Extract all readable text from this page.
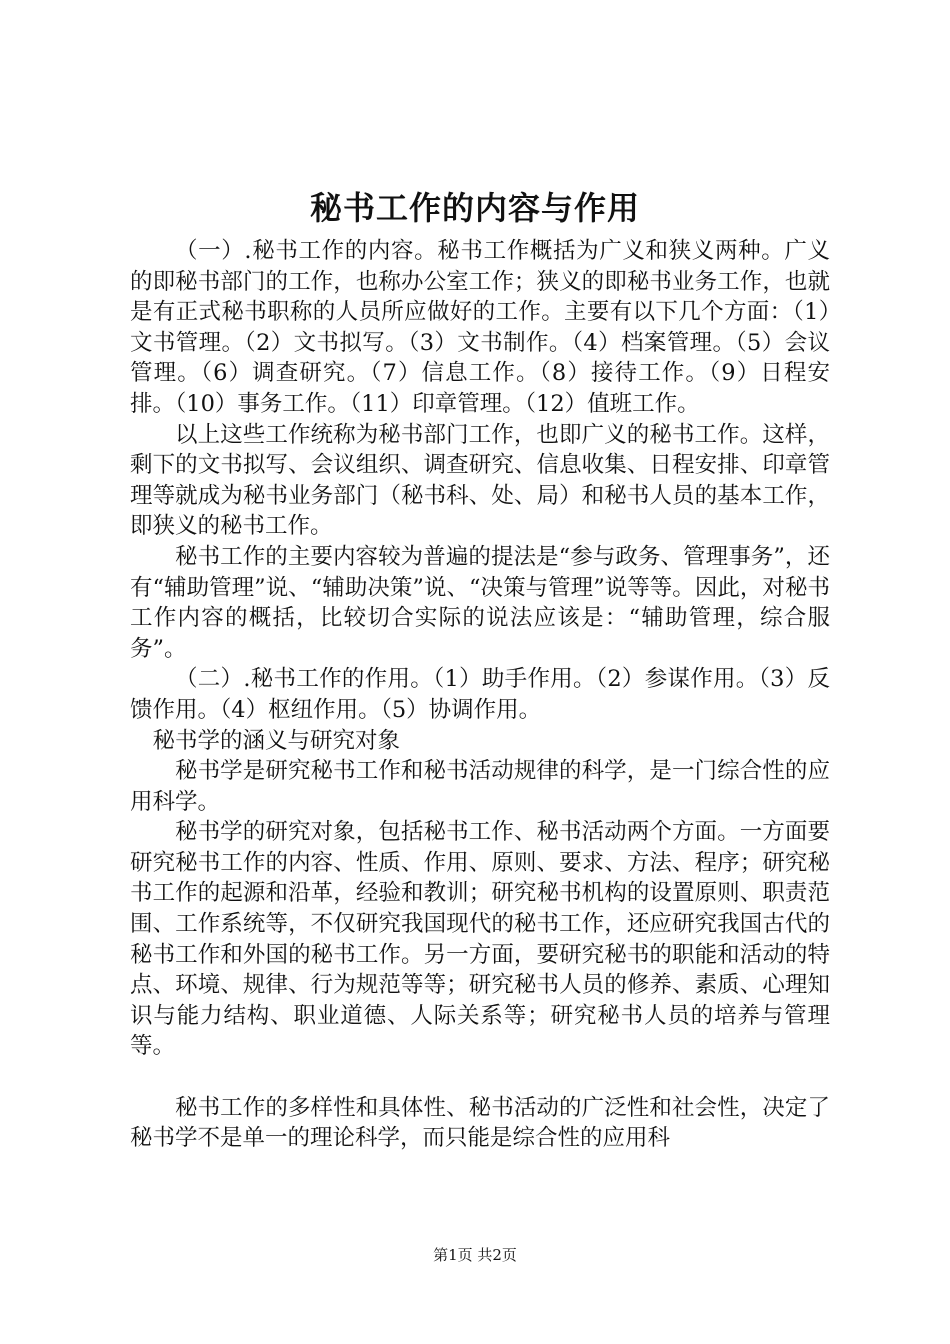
秘书工作的内容与作用

（一）.秘书工作的内容。秘书工作概括为广义和狭义两种。广义的即秘书部门的工作，也称办公室工作；狭义的即秘书业务工作，也就是有正式秘书职称的人员所应做好的工作。主要有以下几个方面：（1）文书管理。（2）文书拟写。（3）文书制作。（4）档案管理。（5）会议管理。（6）调查研究。（7）信息工作。（8）接待工作。（9）日程安排。（10）事务工作。（11）印章管理。（12）值班工作。

以上这些工作统称为秘书部门工作，也即广义的秘书工作。这样，剩下的文书拟写、会议组织、调查研究、信息收集、日程安排、印章管理等就成为秘书业务部门（秘书科、处、局）和秘书人员的基本工作，即狭义的秘书工作。

秘书工作的主要内容较为普遍的提法是“参与政务、管理事务”，还有“辅助管理”说、“辅助决策”说、“决策与管理”说等等。因此，对秘书工作内容的概括，比较切合实际的说法应该是：“辅助管理，综合服务”。

（二）.秘书工作的作用。（1）助手作用。（2）参谋作用。（3）反馈作用。（4）枢纽作用。（5）协调作用。

秘书学的涵义与研究对象

秘书学是研究秘书工作和秘书活动规律的科学，是一门综合性的应用科学。

秘书学的研究对象，包括秘书工作、秘书活动两个方面。一方面要研究秘书工作的内容、性质、作用、原则、要求、方法、程序；研究秘书工作的起源和沿革，经验和教训；研究秘书机构的设置原则、职责范围、工作系统等，不仅研究我国现代的秘书工作，还应研究我国古代的秘书工作和外国的秘书工作。另一方面，要研究秘书的职能和活动的特点、环境、规律、行为规范等等；研究秘书人员的修养、素质、心理知识与能力结构、职业道德、人际关系等；研究秘书人员的培养与管理等。

秘书工作的多样性和具体性、秘书活动的广泛性和社会性，决定了秘书学不是单一的理论科学，而只能是综合性的应用科

第1页 共2页
